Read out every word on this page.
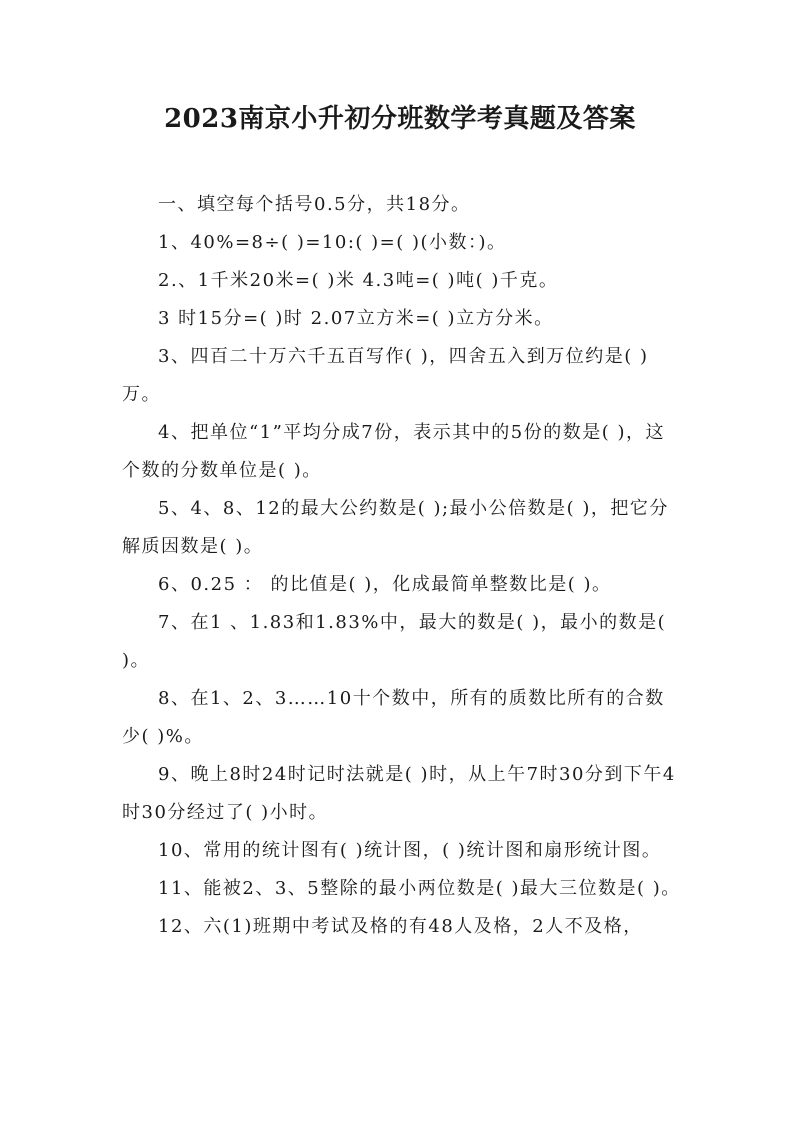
2023南京小升初分班数学考真题及答案

一、填空每个括号0.5分，共18分。

1、40%=8÷( )=10:( )=( )(小数：)。

2.、1千米20米=( )米 4.3吨=( )吨( )千克。

3 时15分=( )时 2.07立方米=( )立方分米。

3、四百二十万六千五百写作( )，四舍五入到万位约是( )万。

4、把单位“1”平均分成7份，表示其中的5份的数是( )，这个数的分数单位是( )。

5、4、8、12的最大公约数是( );最小公倍数是( )，把它分解质因数是( )。

6、0.25 ： 的比值是( )，化成最简单整数比是( )。

7、在1 、1.83和1.83%中，最大的数是( )，最小的数是( )。

8、在1、2、3……10十个数中，所有的质数比所有的合数少( )%。

9、晚上8时24时记时法就是( )时，从上午7时30分到下午4时30分经过了( )小时。

10、常用的统计图有( )统计图，( )统计图和扇形统计图。

11、能被2、3、5整除的最小两位数是( )最大三位数是( )。

12、六(1)班期中考试及格的有48人及格，2人不及格，
